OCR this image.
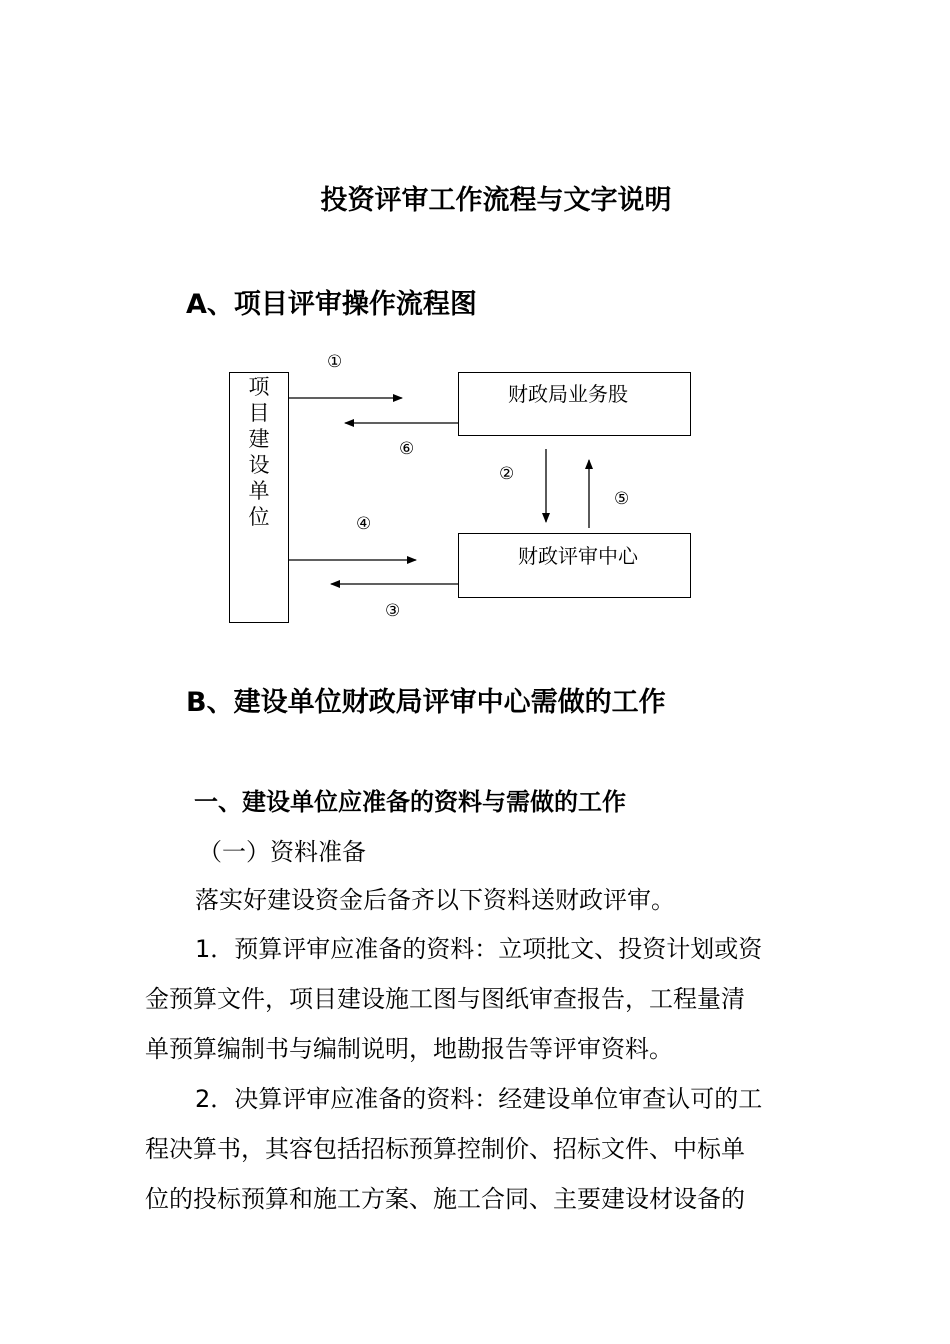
投资评审工作流程与文字说明
A、项目评审操作流程图
项
目
建
设
单
位
财政局业务股
财政评审中心
①
⑥
②
⑤
④
③
B、建设单位财政局评审中心需做的工作
一、建设单位应准备的资料与需做的工作
（一）资料准备
落实好建设资金后备齐以下资料送财政评审。
1．预算评审应准备的资料：立项批文、投资计划或资
金预算文件，项目建设施工图与图纸审查报告，工程量清
单预算编制书与编制说明，地勘报告等评审资料。
2．决算评审应准备的资料：经建设单位审查认可的工
程决算书，其容包括招标预算控制价、招标文件、中标单
位的投标预算和施工方案、施工合同、主要建设材设备的
